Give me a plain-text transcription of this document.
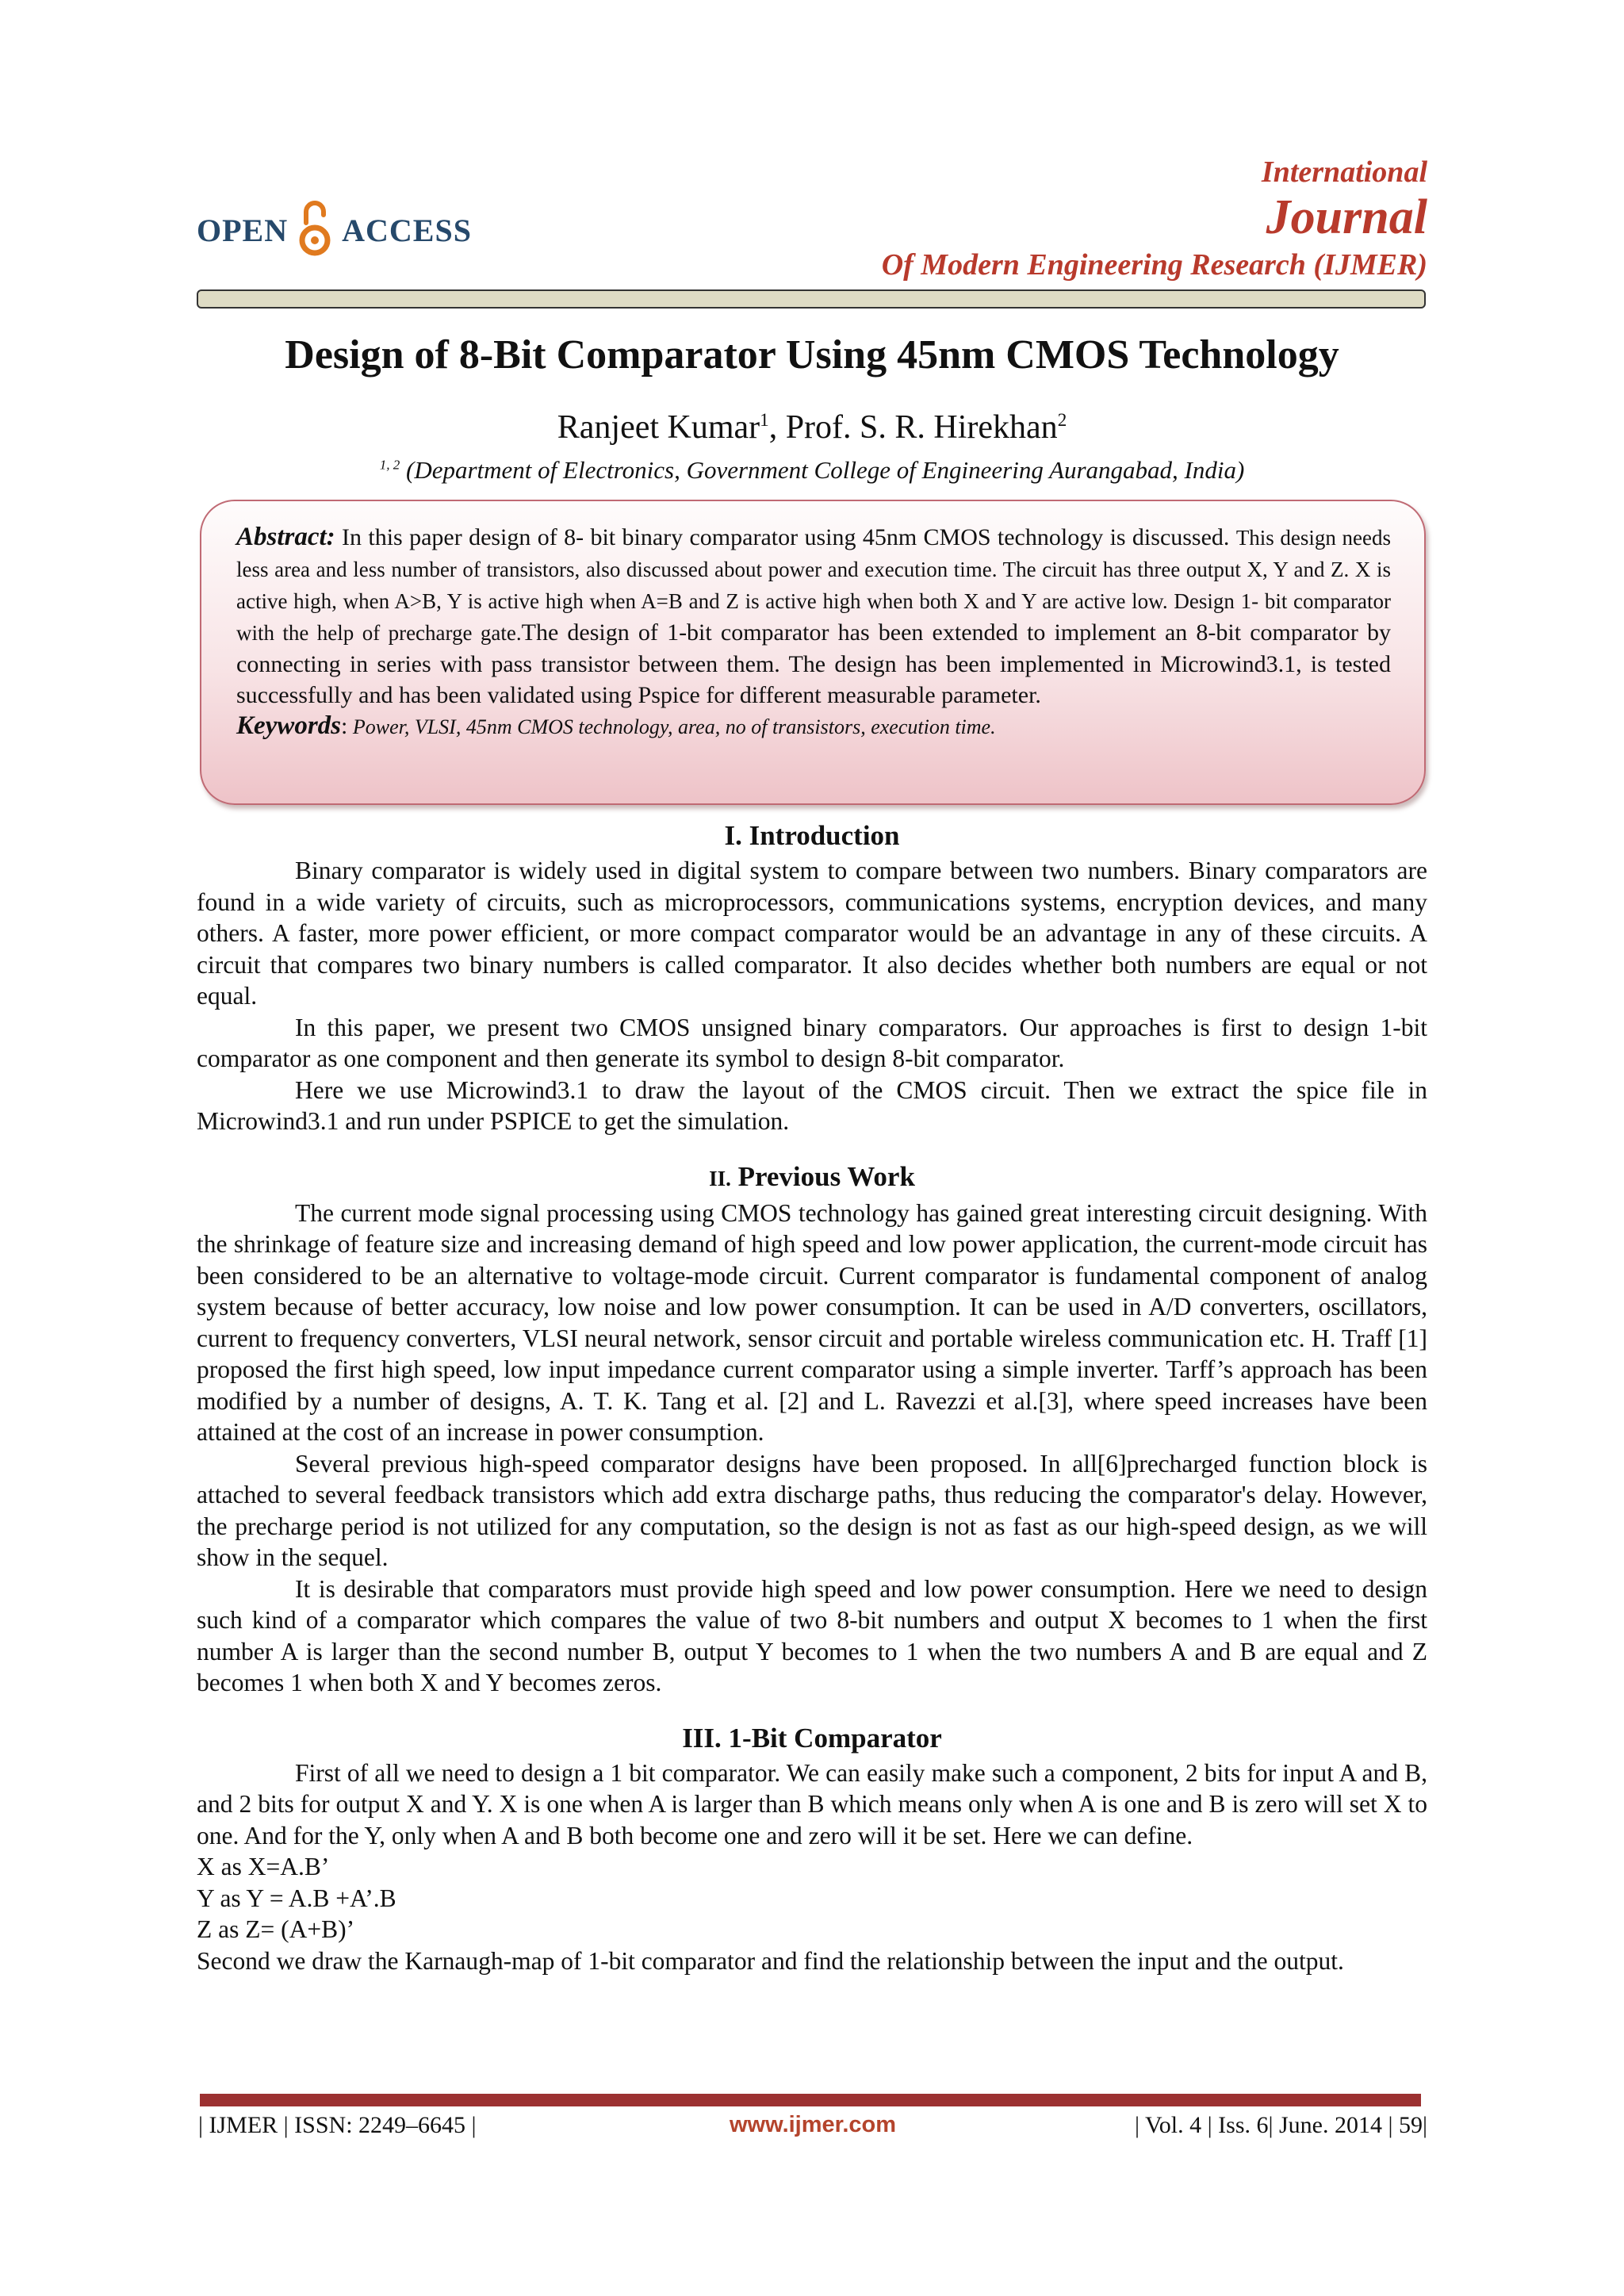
OPEN ACCESS
International
Journal
Of Modern Engineering Research (IJMER)
Design of 8-Bit Comparator Using 45nm CMOS Technology
Ranjeet Kumar$^1$, Prof. S. R. Hirekhan$^2$
$^{1, 2}$ (Department of Electronics, Government College of Engineering Aurangabad, India)
Abstract: In this paper design of 8- bit binary comparator using 45nm CMOS technology is discussed. This design needs less area and less number of transistors, also discussed about power and execution time. The circuit has three output X, Y and Z. X is active high, when A>B, Y is active high when A=B and Z is active high when both X and Y are active low. Design 1- bit comparator with the help of precharge gate.The design of 1-bit comparator has been extended to implement an 8-bit comparator by connecting in series with pass transistor between them. The design has been implemented in Microwind3.1, is tested successfully and has been validated using Pspice for different measurable parameter.
Keywords: Power, VLSI, 45nm CMOS technology, area, no of transistors, execution time.

I. Introduction

Binary comparator is widely used in digital system to compare between two numbers. Binary comparators are found in a wide variety of circuits, such as microprocessors, communications systems, encryption devices, and many others. A faster, more power efficient, or more compact comparator would be an advantage in any of these circuits. A circuit that compares two binary numbers is called comparator. It also decides whether both numbers are equal or not equal.

In this paper, we present two CMOS unsigned binary comparators. Our approaches is first to design 1-bit comparator as one component and then generate its symbol to design 8-bit comparator.

Here we use Microwind3.1 to draw the layout of the CMOS circuit. Then we extract the spice file in Microwind3.1 and run under PSPICE to get the simulation.

II. Previous Work

The current mode signal processing using CMOS technology has gained great interesting circuit designing. With the shrinkage of feature size and increasing demand of high speed and low power application, the current-mode circuit has been considered to be an alternative to voltage-mode circuit. Current comparator is fundamental component of analog system because of better accuracy, low noise and low power consumption. It can be used in A/D converters, oscillators, current to frequency converters, VLSI neural network, sensor circuit and portable wireless communication etc. H. Traff [1] proposed the first high speed, low input impedance current comparator using a simple inverter. Tarff’s approach has been modified by a number of designs, A. T. K. Tang et al. [2] and L. Ravezzi et al.[3], where speed increases have been attained at the cost of an increase in power consumption.

Several previous high-speed comparator designs have been proposed. In all[6]precharged function block is attached to several feedback transistors which add extra discharge paths, thus reducing the comparator's delay. However, the precharge period is not utilized for any computation, so the design is not as fast as our high-speed design, as we will show in the sequel.

It is desirable that comparators must provide high speed and low power consumption. Here we need to design such kind of a comparator which compares the value of two 8-bit numbers and output X becomes to 1 when the first number A is larger than the second number B, output Y becomes to 1 when the two numbers A and B are equal and Z becomes 1 when both X and Y becomes zeros.

III. 1-Bit Comparator

First of all we need to design a 1 bit comparator. We can easily make such a component, 2 bits for input A and B, and 2 bits for output X and Y. X is one when A is larger than B which means only when A is one and B is zero will set X to one. And for the Y, only when A and B both become one and zero will it be set. Here we can define.

X as X=A.B’

Y as Y = A.B +A’.B

Z as Z= (A+B)’

Second we draw the Karnaugh-map of 1-bit comparator and find the relationship between the input and the output.

| IJMER | ISSN: 2249–6645 |	www.ijmer.com	| Vol. 4 | Iss. 6| June. 2014 | 59|
